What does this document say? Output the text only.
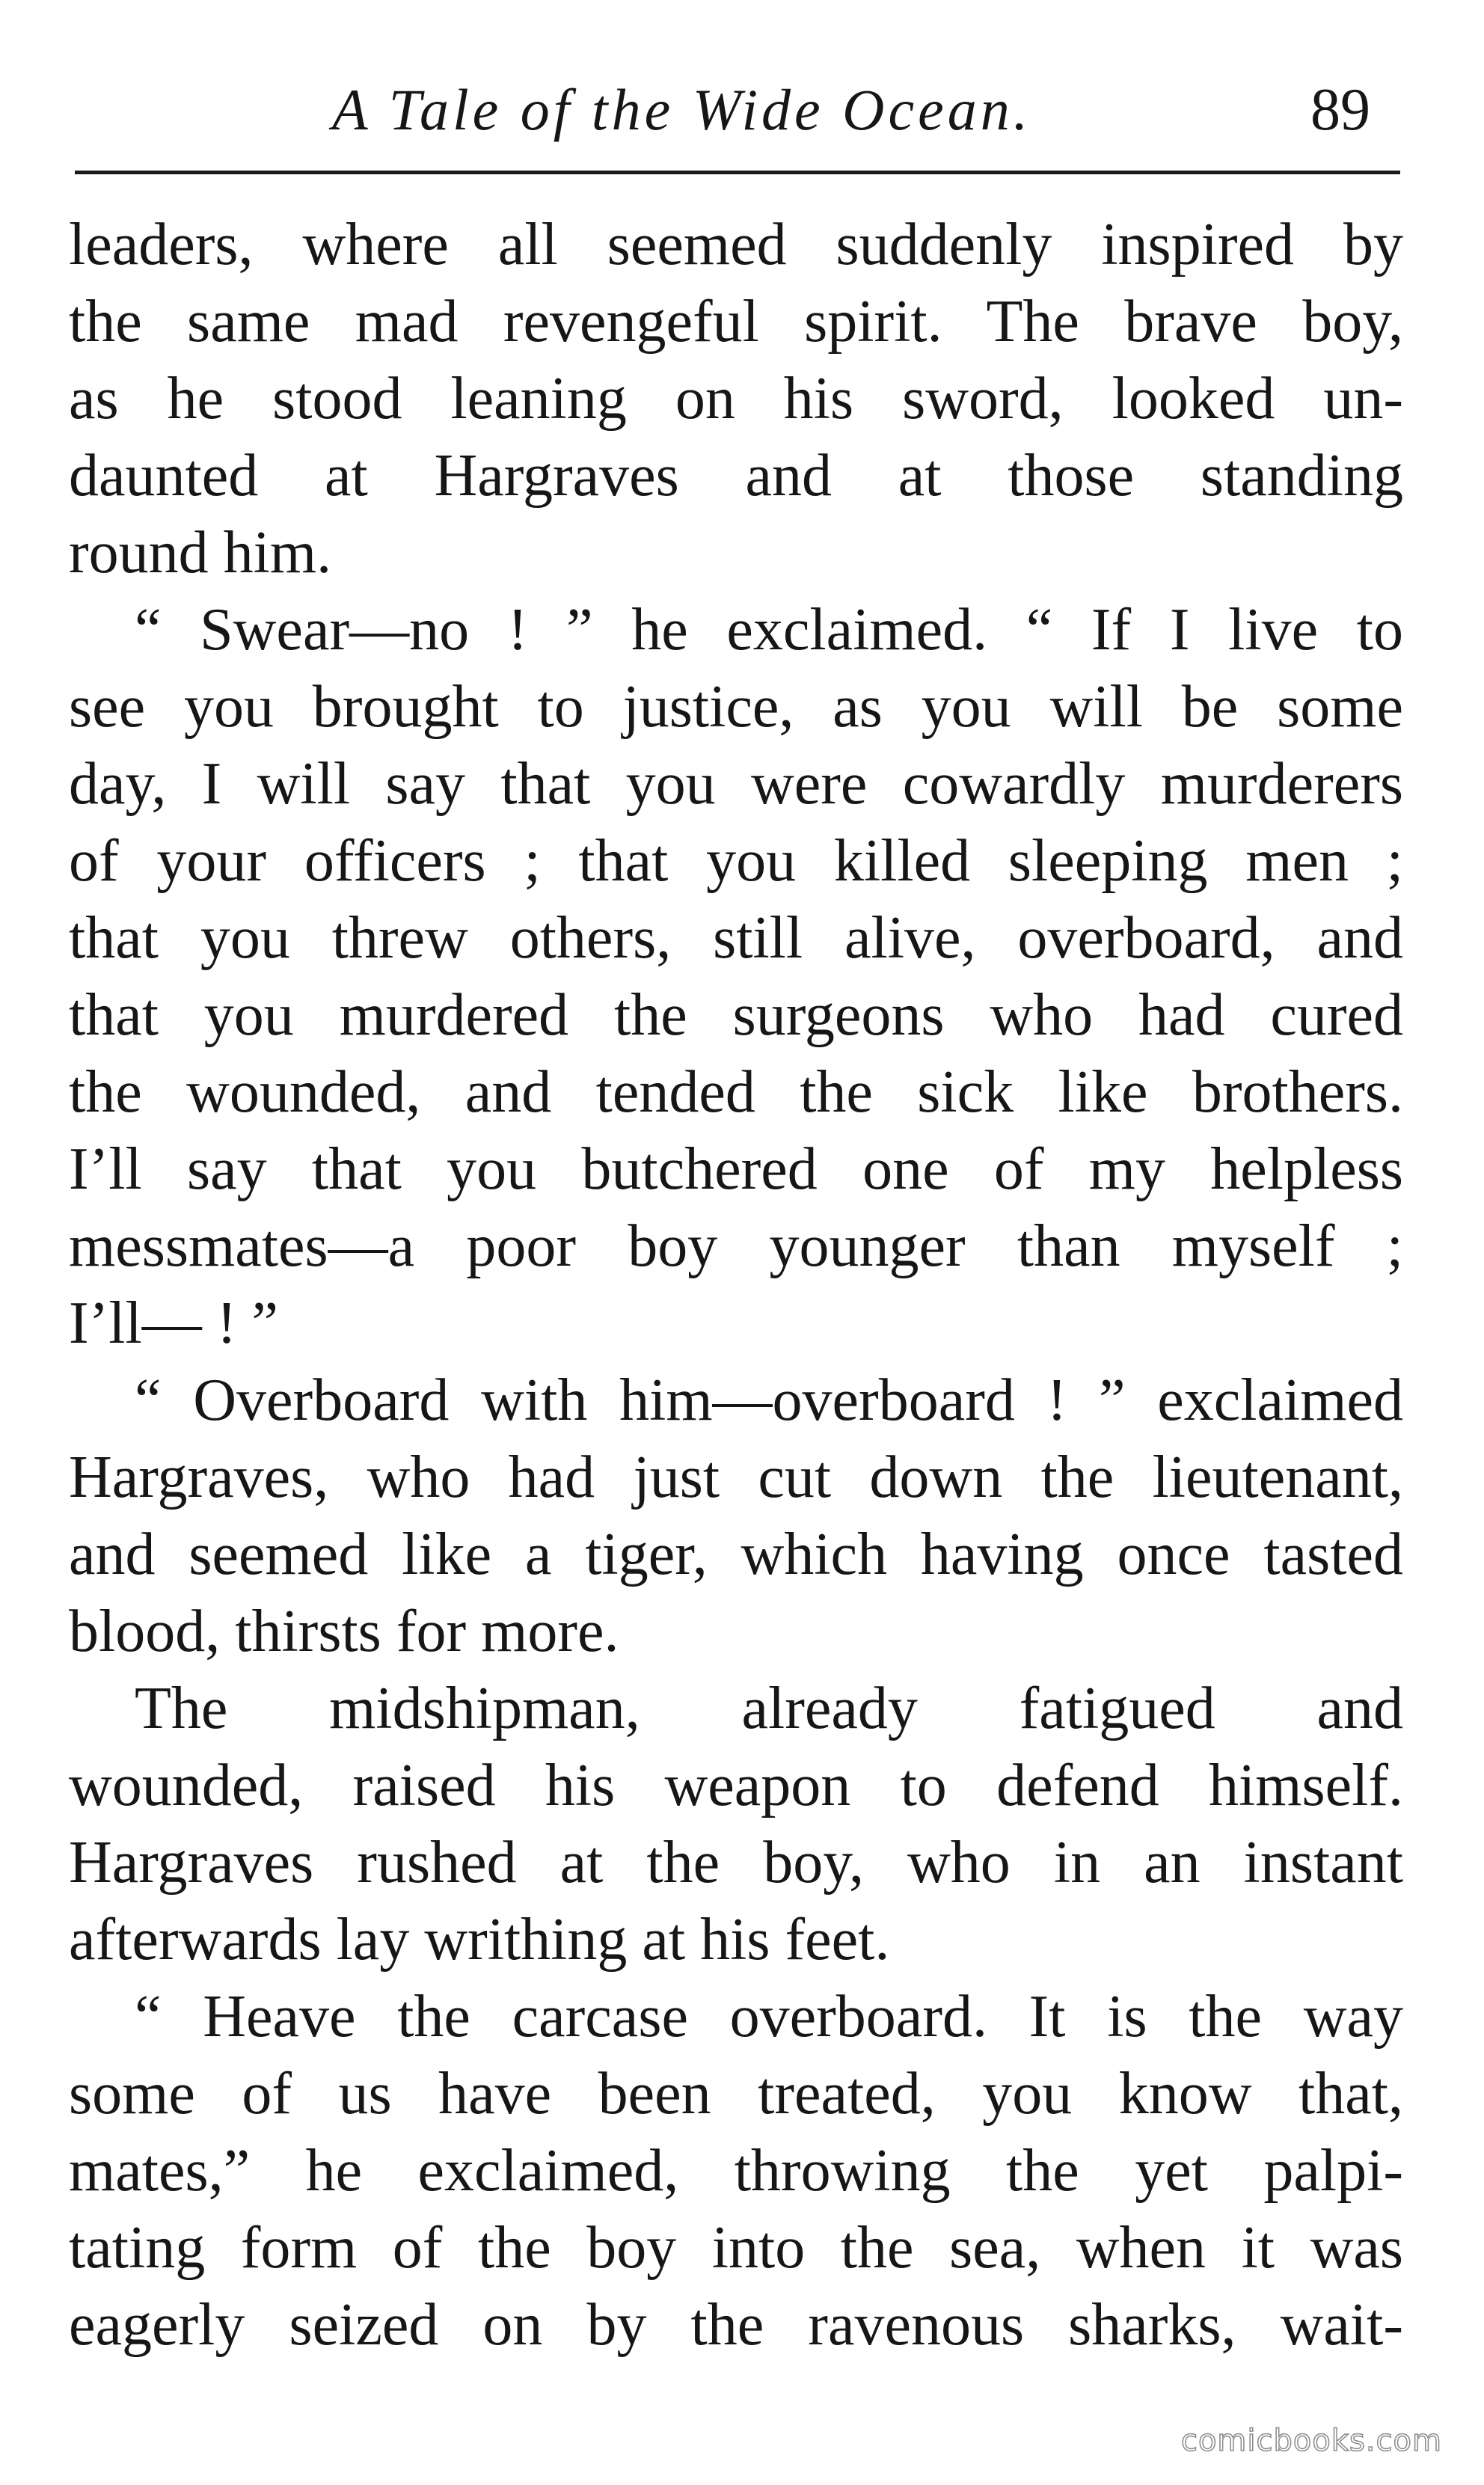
A Tale of the Wide Ocean.	89
leaders, where all seemed suddenly inspired by
the same mad revengeful spirit. The brave boy,
as he stood leaning on his sword, looked un-
daunted at Hargraves and at those standing
round him.
“ Swear—no ! ” he exclaimed. “ If I live to
see you brought to justice, as you will be some
day, I will say that you were cowardly murderers
of your officers ; that you killed sleeping men ;
that you threw others, still alive, overboard, and
that you murdered the surgeons who had cured
the wounded, and tended the sick like brothers.
I’ll say that you butchered one of my helpless
messmates—a poor boy younger than myself ;
I’ll— ! ”
“ Overboard with him—overboard ! ” exclaimed
Hargraves, who had just cut down the lieutenant,
and seemed like a tiger, which having once tasted
blood, thirsts for more.
The midshipman, already fatigued and
wounded, raised his weapon to defend himself.
Hargraves rushed at the boy, who in an instant
afterwards lay writhing at his feet.
“ Heave the carcase overboard. It is the way
some of us have been treated, you know that,
mates,” he exclaimed, throwing the yet palpi-
tating form of the boy into the sea, when it was
eagerly seized on by the ravenous sharks, wait-
comicbooks.com
